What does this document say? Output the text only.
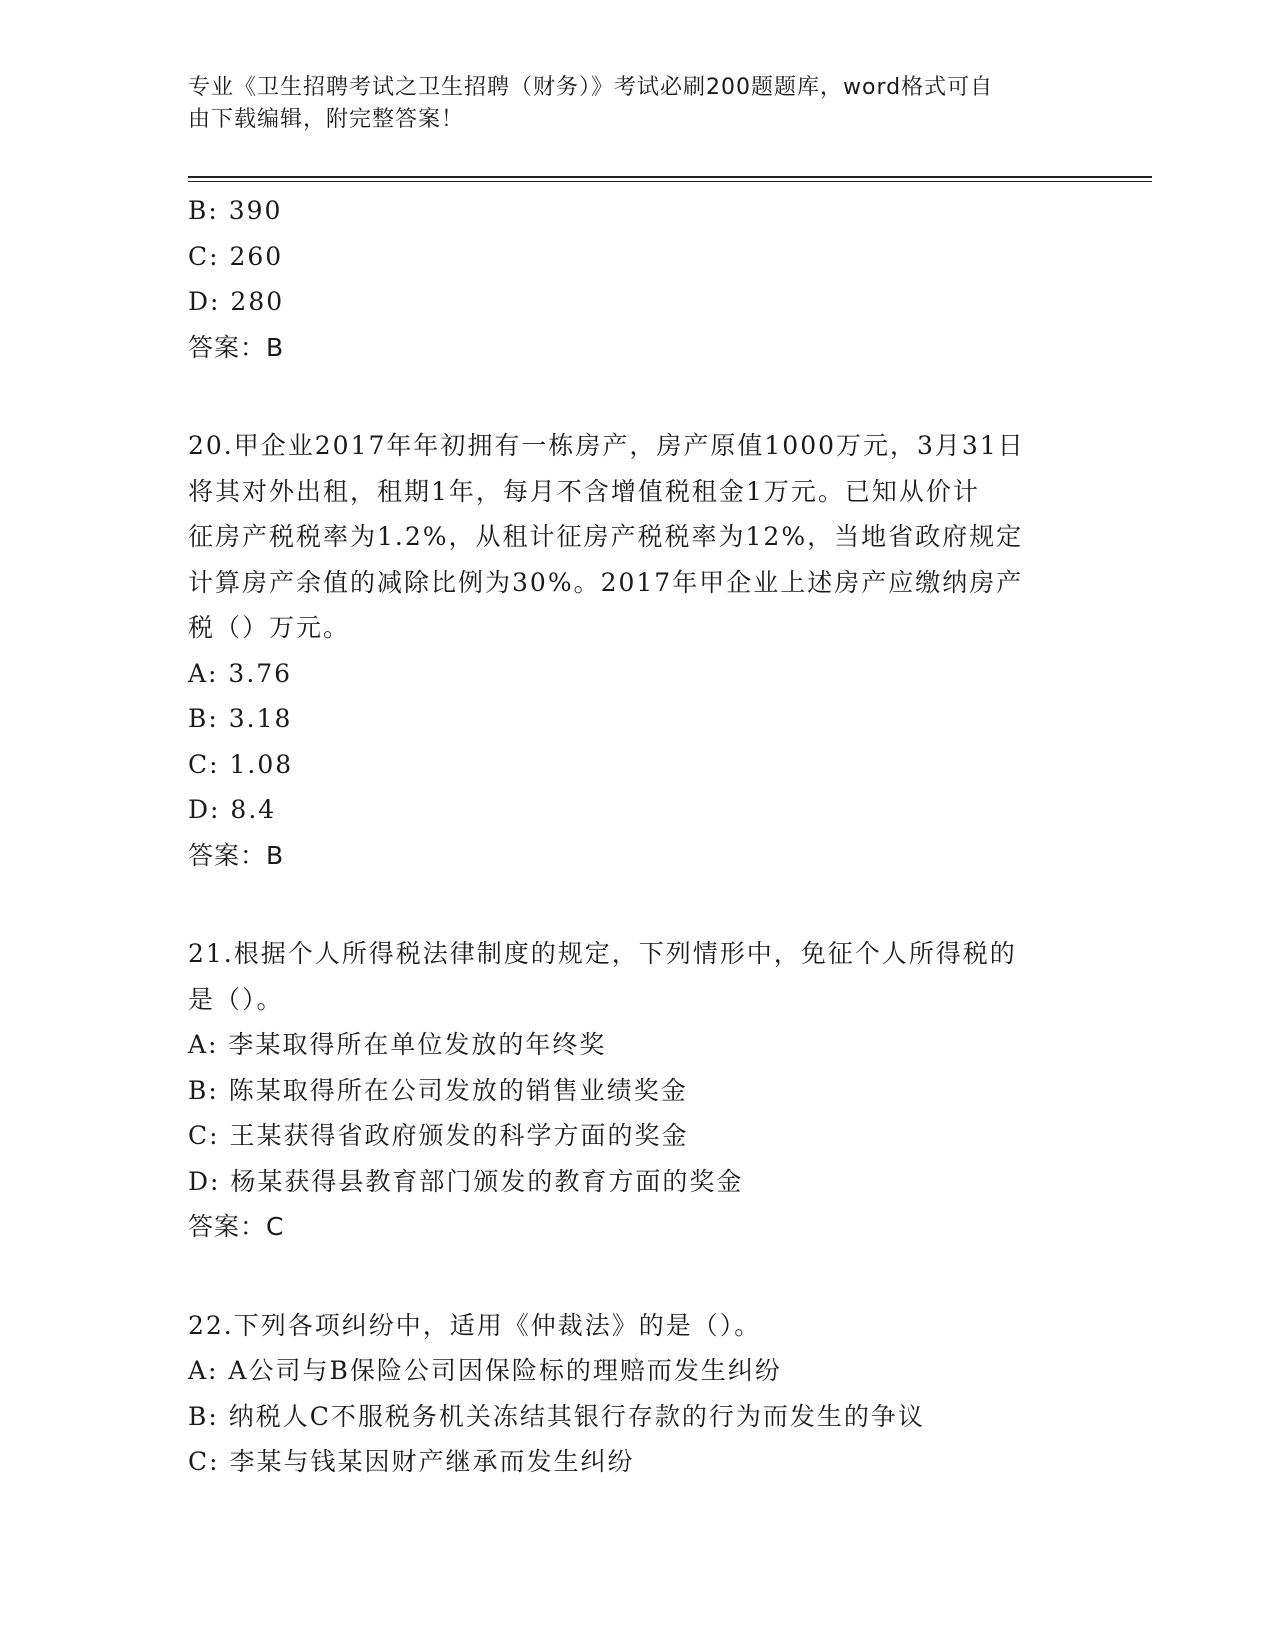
专业《卫生招聘考试之卫生招聘（财务）》考试必刷200题题库，word格式可自
由下载编辑，附完整答案！
B: 390
C: 260
D: 280
答案：B
20.甲企业2017年年初拥有一栋房产，房产原值1000万元，3月31日
将其对外出租，租期1年，每月不含增值税租金1万元。已知从价计
征房产税税率为1.2%，从租计征房产税税率为12%，当地省政府规定
计算房产余值的减除比例为30%。2017年甲企业上述房产应缴纳房产
税（）万元。
A: 3.76
B: 3.18
C: 1.08
D: 8.4
答案：B
21.根据个人所得税法律制度的规定，下列情形中，免征个人所得税的
是（）。
A: 李某取得所在单位发放的年终奖
B: 陈某取得所在公司发放的销售业绩奖金
C: 王某获得省政府颁发的科学方面的奖金
D: 杨某获得县教育部门颁发的教育方面的奖金
答案：C
22.下列各项纠纷中，适用《仲裁法》的是（）。
A: A公司与B保险公司因保险标的理赔而发生纠纷
B: 纳税人C不服税务机关冻结其银行存款的行为而发生的争议
C: 李某与钱某因财产继承而发生纠纷
